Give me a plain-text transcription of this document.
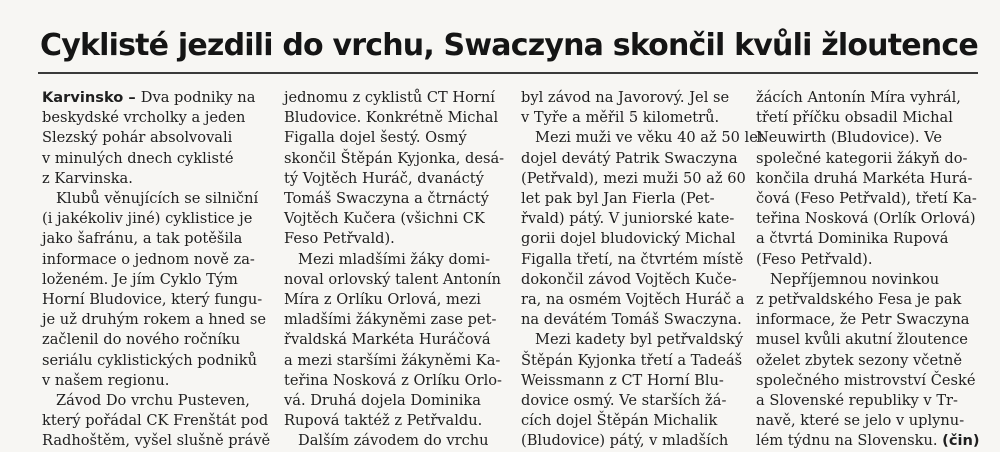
Cyklisté jezdili do vrchu, Swaczyna skončil kvůli žloutence

Karvinsko – Dva podniky na
beskydské vrcholky a jeden
Slezský pohár absolvovali
v minulých dnech cyklisté
z Karvinska.

Klubů věnujících se silniční
(i jakékoliv jiné) cyklistice je
jako šafránu, a tak potěšila
informace o jednom nově za-
loženém. Je jím Cyklo Tým
Horní Bludovice, který fungu-
je už druhým rokem a hned se
začlenil do nového ročníku
seriálu cyklistických podniků
v našem regionu.

Závod Do vrchu Pusteven,
který pořádal CK Frenštát pod
Radhoštěm, vyšel slušně právě

jednomu z cyklistů CT Horní
Bludovice. Konkrétně Michal
Figalla dojel šestý. Osmý
skončil Štěpán Kyjonka, desá-
tý Vojtěch Huráč, dvanáctý
Tomáš Swaczyna a čtrnáctý
Vojtěch Kučera (všichni CK
Feso Petřvald).

Mezi mladšími žáky domi-
noval orlovský talent Antonín
Míra z Orlíku Orlová, mezi
mladšími žákyněmi zase pet-
řvaldská Markéta Huráčová
a mezi staršími žákyněmi Ka-
teřina Nosková z Orlíku Orlo-
vá. Druhá dojela Dominika
Rupová taktéž z Petřvaldu.

Dalším závodem do vrchu

byl závod na Javorový. Jel se
v Tyře a měřil 5 kilometrů.

Mezi muži ve věku 40 až 50 let
dojel devátý Patrik Swaczyna
(Petřvald), mezi muži 50 až 60
let pak byl Jan Fierla (Pet-
řvald) pátý. V juniorské kate-
gorii dojel bludovický Michal
Figalla třetí, na čtvrtém místě
dokončil závod Vojtěch Kuče-
ra, na osmém Vojtěch Huráč a
na devátém Tomáš Swaczyna.

Mezi kadety byl petřvaldský
Štěpán Kyjonka třetí a Tadeáš
Weissmann z CT Horní Blu-
dovice osmý. Ve starších žá-
cích dojel Štěpán Michalik
(Bludovice) pátý, v mladších

žácích Antonín Míra vyhrál,
třetí příčku obsadil Michal
Neuwirth (Bludovice). Ve
společné kategorii žákyň do-
končila druhá Markéta Hurá-
čová (Feso Petřvald), třetí Ka-
teřina Nosková (Orlík Orlová)
a čtvrtá Dominika Rupová
(Feso Petřvald).

Nepříjemnou novinkou
z petřvaldského Fesa je pak
informace, že Petr Swaczyna
musel kvůli akutní žloutence
oželet zbytek sezony včetně
společného mistrovství České
a Slovenské republiky v Tr-
navě, které se jelo v uplynu-

lém týdnu na Slovensku. (čin)
